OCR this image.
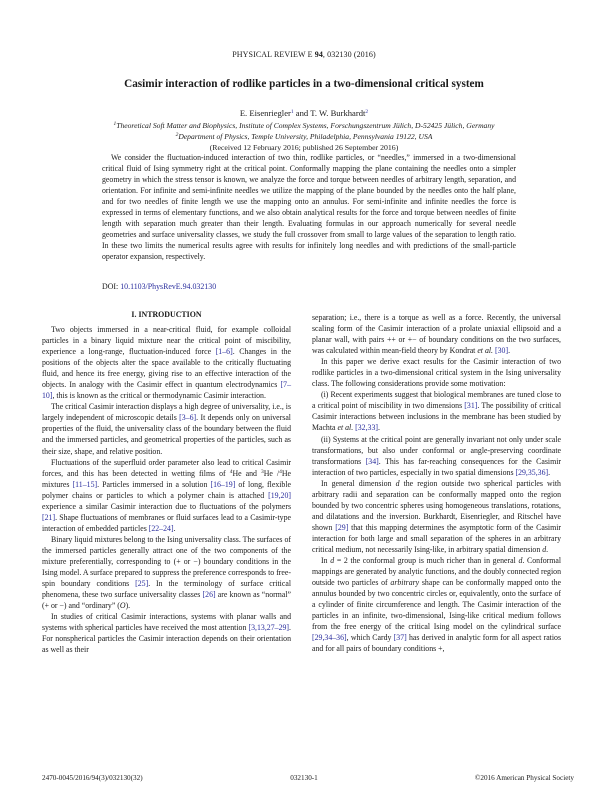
PHYSICAL REVIEW E 94, 032130 (2016)
Casimir interaction of rodlike particles in a two-dimensional critical system
E. Eisenriegler$^1$ and T. W. Burkhardt$^2$
$^1$Theoretical Soft Matter and Biophysics, Institute of Complex Systems, Forschungszentrum Jülich, D-52425 Jülich, Germany
$^2$Department of Physics, Temple University, Philadelphia, Pennsylvania 19122, USA
(Received 12 February 2016; published 26 September 2016)

We consider the fluctuation-induced interaction of two thin, rodlike particles, or “needles,” immersed in a two-dimensional critical fluid of Ising symmetry right at the critical point. Conformally mapping the plane containing the needles onto a simpler geometry in which the stress tensor is known, we analyze the force and torque between needles of arbitrary length, separation, and orientation. For infinite and semi-infinite needles we utilize the mapping of the plane bounded by the needles onto the half plane, and for two needles of finite length we use the mapping onto an annulus. For semi-infinite and infinite needles the force is expressed in terms of elementary functions, and we also obtain analytical results for the force and torque between needles of finite length with separation much greater than their length. Evaluating formulas in our approach numerically for several needle geometries and surface universality classes, we study the full crossover from small to large values of the separation to length ratio. In these two limits the numerical results agree with results for infinitely long needles and with predictions of the small-particle operator expansion, respectively.

DOI: 10.1103/PhysRevE.94.032130
I. INTRODUCTION

Two objects immersed in a near-critical fluid, for example colloidal particles in a binary liquid mixture near the critical point of miscibility, experience a long-range, fluctuation-induced force [1–6]. Changes in the positions of the objects alter the space available to the critically fluctuating fluid, and hence its free energy, giving rise to an effective interaction of the objects. In analogy with the Casimir effect in quantum electrodynamics [7–10], this is known as the critical or thermodynamic Casimir interaction.

The critical Casimir interaction displays a high degree of universality, i.e., is largely independent of microscopic details [3–6]. It depends only on universal properties of the fluid, the universality class of the boundary between the fluid and the immersed particles, and geometrical properties of the particles, such as their size, shape, and relative position.

Fluctuations of the superfluid order parameter also lead to critical Casimir forces, and this has been detected in wetting films of $^4$He and $^3$He /$^4$He mixtures [11–15]. Particles immersed in a solution [16–19] of long, flexible polymer chains or particles to which a polymer chain is attached [19,20] experience a similar Casimir interaction due to fluctuations of the polymers [21]. Shape fluctuations of membranes or fluid surfaces lead to a Casimir-type interaction of embedded particles [22–24].

Binary liquid mixtures belong to the Ising universality class. The surfaces of the immersed particles generally attract one of the two components of the mixture preferentially, corresponding to (+ or −) boundary conditions in the Ising model. A surface prepared to suppress the preference corresponds to free-spin boundary conditions [25]. In the terminology of surface critical phenomena, these two surface universality classes [26] are known as “normal” (+ or −) and “ordinary” (O).

In studies of critical Casimir interactions, systems with planar walls and systems with spherical particles have received the most attention [3,13,27–29]. For nonspherical particles the Casimir interaction depends on their orientation as well as their

separation; i.e., there is a torque as well as a force. Recently, the universal scaling form of the Casimir interaction of a prolate uniaxial ellipsoid and a planar wall, with pairs ++ or +− of boundary conditions on the two surfaces, was calculated within mean-field theory by Kondrat et al. [30].

In this paper we derive exact results for the Casimir interaction of two rodlike particles in a two-dimensional critical system in the Ising universality class. The following considerations provide some motivation:

(i) Recent experiments suggest that biological membranes are tuned close to a critical point of miscibility in two dimensions [31]. The possibility of critical Casimir interactions between inclusions in the membrane has been studied by Machta et al. [32,33].

(ii) Systems at the critical point are generally invariant not only under scale transformations, but also under conformal or angle-preserving coordinate transformations [34]. This has far-reaching consequences for the Casimir interaction of two particles, especially in two spatial dimensions [29,35,36].

In general dimension d the region outside two spherical particles with arbitrary radii and separation can be conformally mapped onto the region bounded by two concentric spheres using homogeneous translations, rotations, and dilatations and the inversion. Burkhardt, Eisenriegler, and Ritschel have shown [29] that this mapping determines the asymptotic form of the Casimir interaction for both large and small separation of the spheres in an arbitrary critical medium, not necessarily Ising-like, in arbitrary spatial dimension d.

In d = 2 the conformal group is much richer than in general d. Conformal mappings are generated by analytic functions, and the doubly connected region outside two particles of arbitrary shape can be conformally mapped onto the annulus bounded by two concentric circles or, equivalently, onto the surface of a cylinder of finite circumference and length. The Casimir interaction of the particles in an infinite, two-dimensional, Ising-like critical medium follows from the free energy of the critical Ising model on the cylindrical surface [29,34–36], which Cardy [37] has derived in analytic form for all aspect ratios and for all pairs of boundary conditions +,

2470-0045/2016/94(3)/032130(32)	032130-1	©2016 American Physical Society
